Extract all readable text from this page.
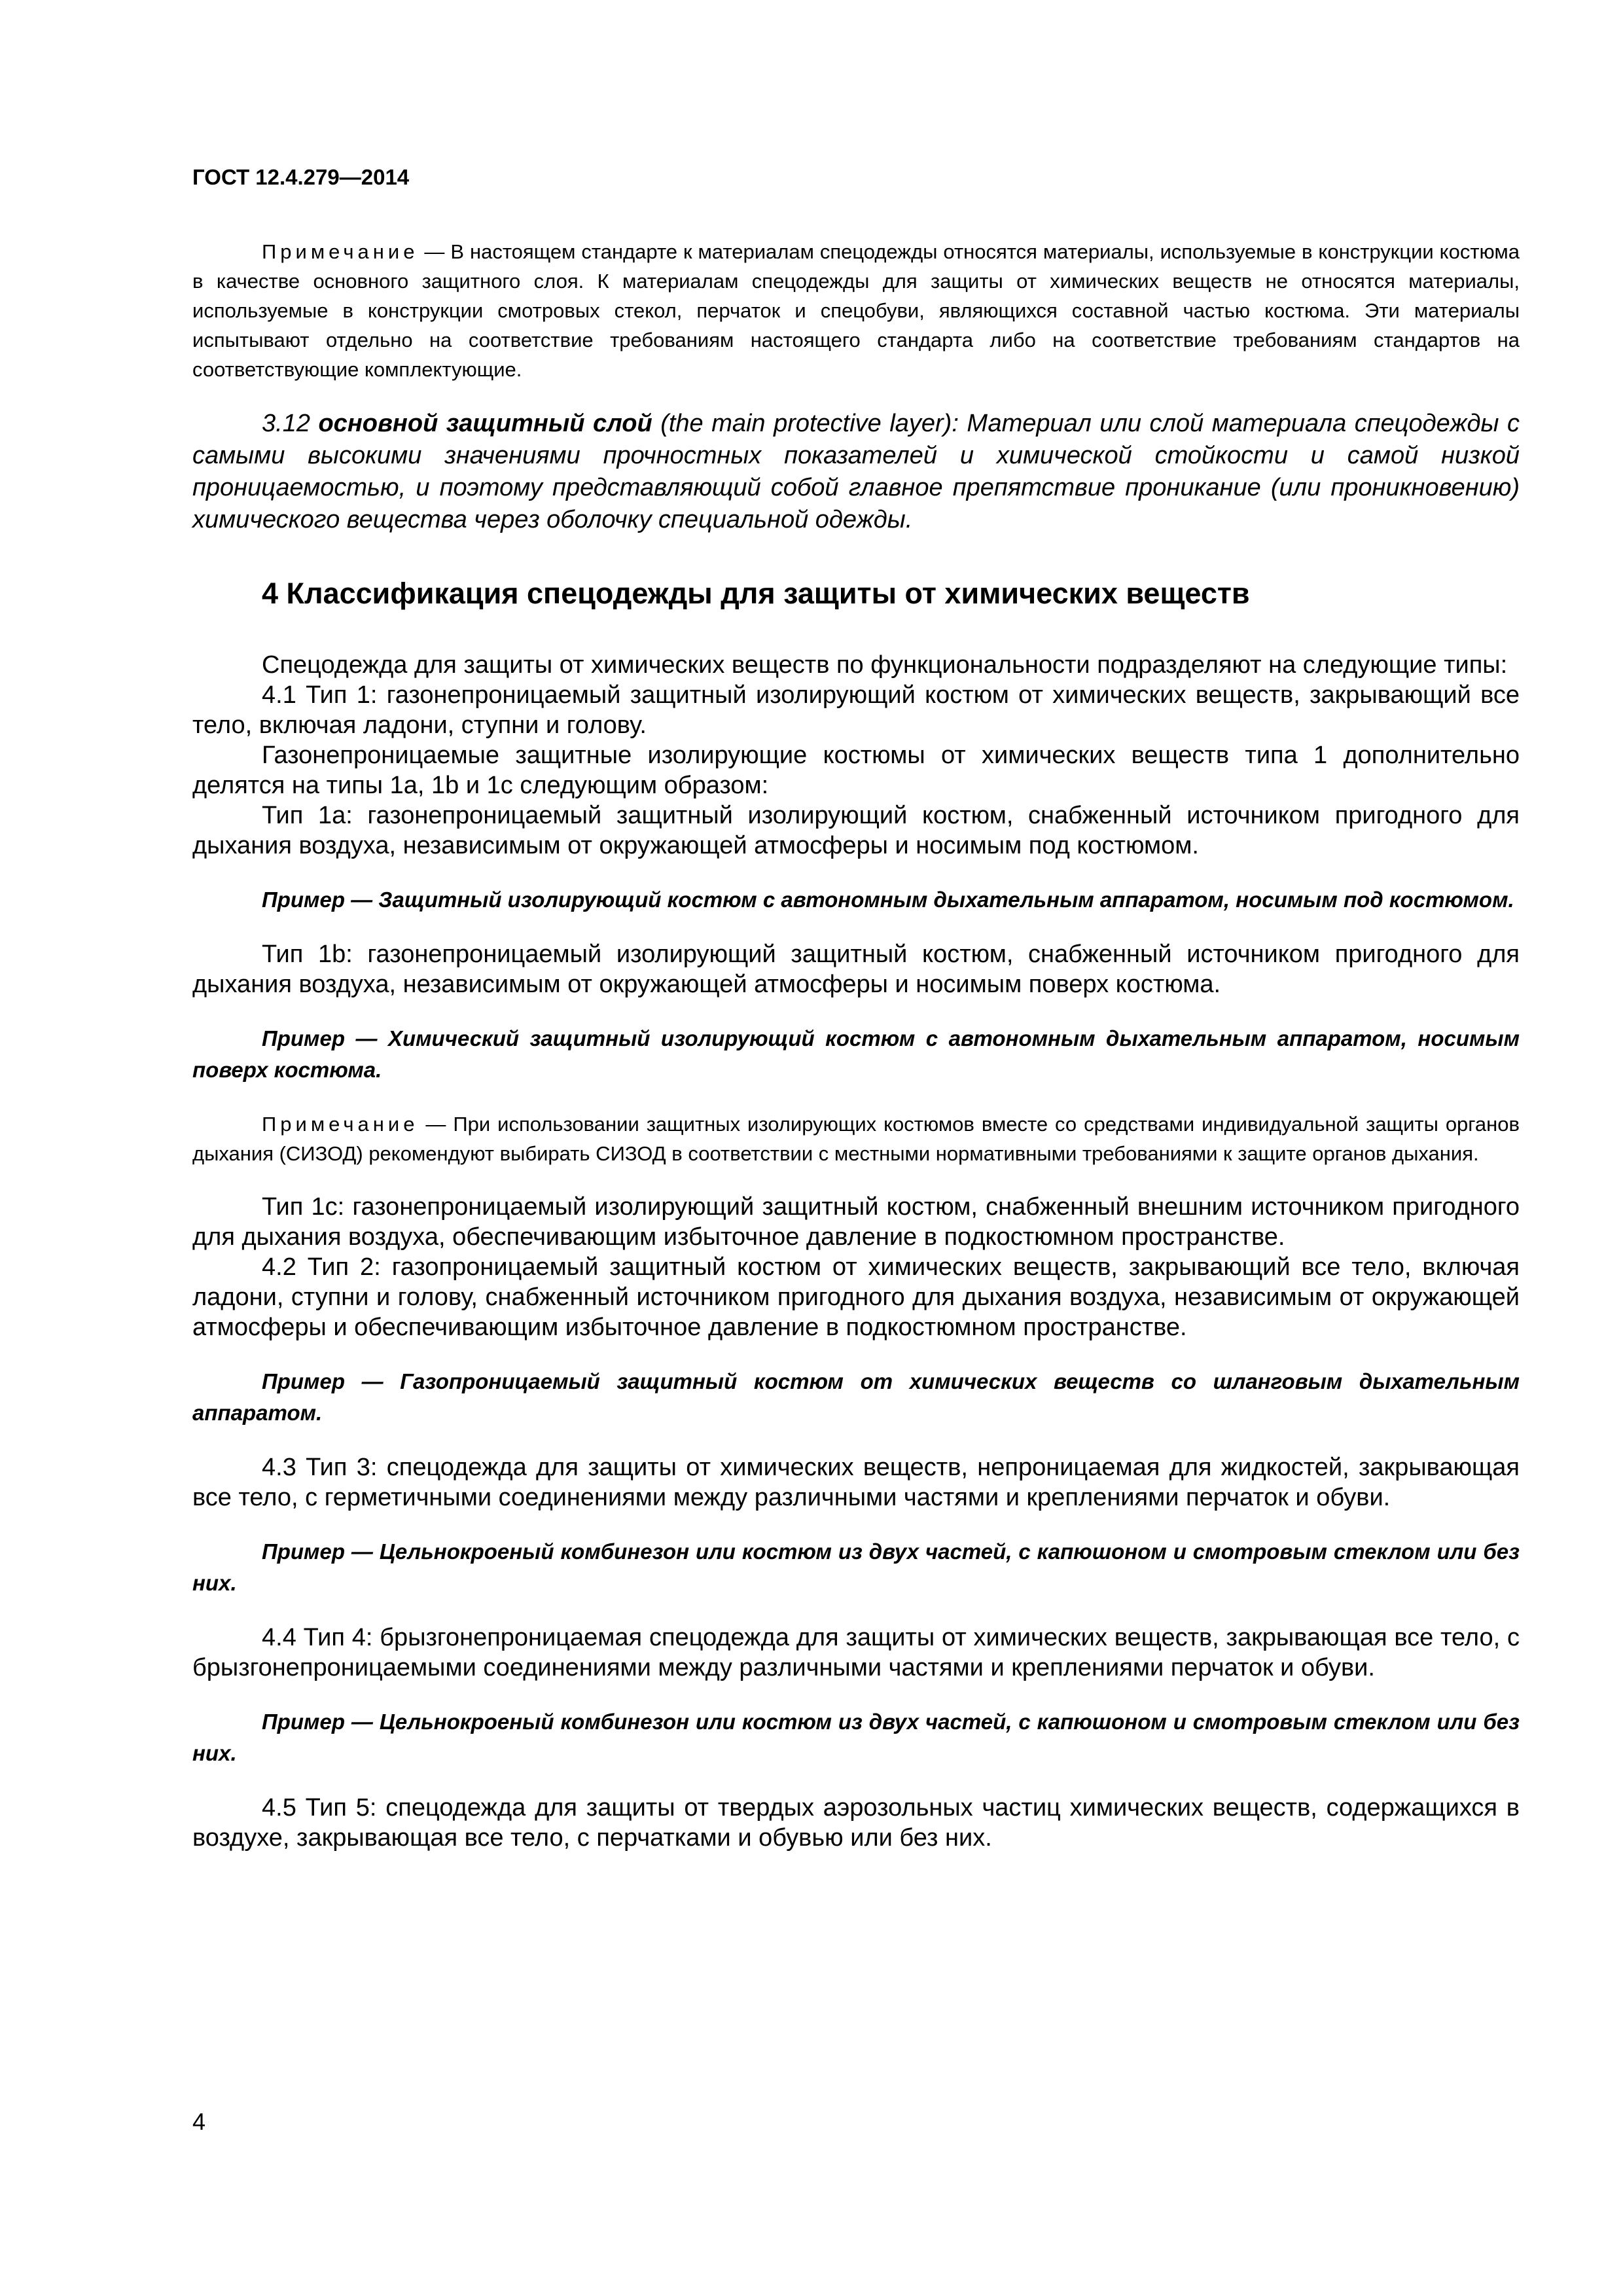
ГОСТ 12.4.279—2014

Примечание — В настоящем стандарте к материалам спецодежды относятся материалы, используемые в конструкции костюма в качестве основного защитного слоя. К материалам спецодежды для защиты от химических веществ не относятся материалы, используемые в конструкции смотровых стекол, перчаток и спецобуви, являющихся составной частью костюма. Эти материалы испытывают отдельно на соответствие требованиям настоящего стандарта либо на соответствие требованиям стандартов на соответствующие комплектующие.

3.12 основной защитный слой (the main protective layer): Материал или слой материала спецодежды с самыми высокими значениями прочностных показателей и химической стойкости и самой низкой проницаемостью, и поэтому представляющий собой главное препятствие проникание (или проникновению) химического вещества через оболочку специальной одежды.

4 Классификация спецодежды для защиты от химических веществ

Спецодежда для защиты от химических веществ по функциональности подразделяют на следующие типы:

4.1 Тип 1: газонепроницаемый защитный изолирующий костюм от химических веществ, закрывающий все тело, включая ладони, ступни и голову.

Газонепроницаемые защитные изолирующие костюмы от химических веществ типа 1 дополнительно делятся на типы 1a, 1b и 1c следующим образом:

Тип 1a: газонепроницаемый защитный изолирующий костюм, снабженный источником пригодного для дыхания воздуха, независимым от окружающей атмосферы и носимым под костюмом.

Пример — Защитный изолирующий костюм с автономным дыхательным аппаратом, носимым под костюмом.

Тип 1b: газонепроницаемый изолирующий защитный костюм, снабженный источником пригодного для дыхания воздуха, независимым от окружающей атмосферы и носимым поверх костюма.

Пример — Химический защитный изолирующий костюм с автономным дыхательным аппаратом, носимым поверх костюма.

Примечание — При использовании защитных изолирующих костюмов вместе со средствами индивидуальной защиты органов дыхания (СИЗОД) рекомендуют выбирать СИЗОД в соответствии с местными нормативными требованиями к защите органов дыхания.

Тип 1c: газонепроницаемый изолирующий защитный костюм, снабженный внешним источником пригодного для дыхания воздуха, обеспечивающим избыточное давление в подкостюмном пространстве.

4.2 Тип 2: газопроницаемый защитный костюм от химических веществ, закрывающий все тело, включая ладони, ступни и голову, снабженный источником пригодного для дыхания воздуха, независимым от окружающей атмосферы и обеспечивающим избыточное давление в подкостюмном пространстве.

Пример — Газопроницаемый защитный костюм от химических веществ со шланговым дыхательным аппаратом.

4.3 Тип 3: спецодежда для защиты от химических веществ, непроницаемая для жидкостей, закрывающая все тело, с герметичными соединениями между различными частями и креплениями перчаток и обуви.

Пример — Цельнокроеный комбинезон или костюм из двух частей, с капюшоном и смотровым стеклом или без них.

4.4 Тип 4: брызгонепроницаемая спецодежда для защиты от химических веществ, закрывающая все тело, с брызгонепроницаемыми соединениями между различными частями и креплениями перчаток и обуви.

Пример — Цельнокроеный комбинезон или костюм из двух частей, с капюшоном и смотровым стеклом или без них.

4.5 Тип 5: спецодежда для защиты от твердых аэрозольных частиц химических веществ, содержащихся в воздухе, закрывающая все тело, с перчатками и обувью или без них.

4
